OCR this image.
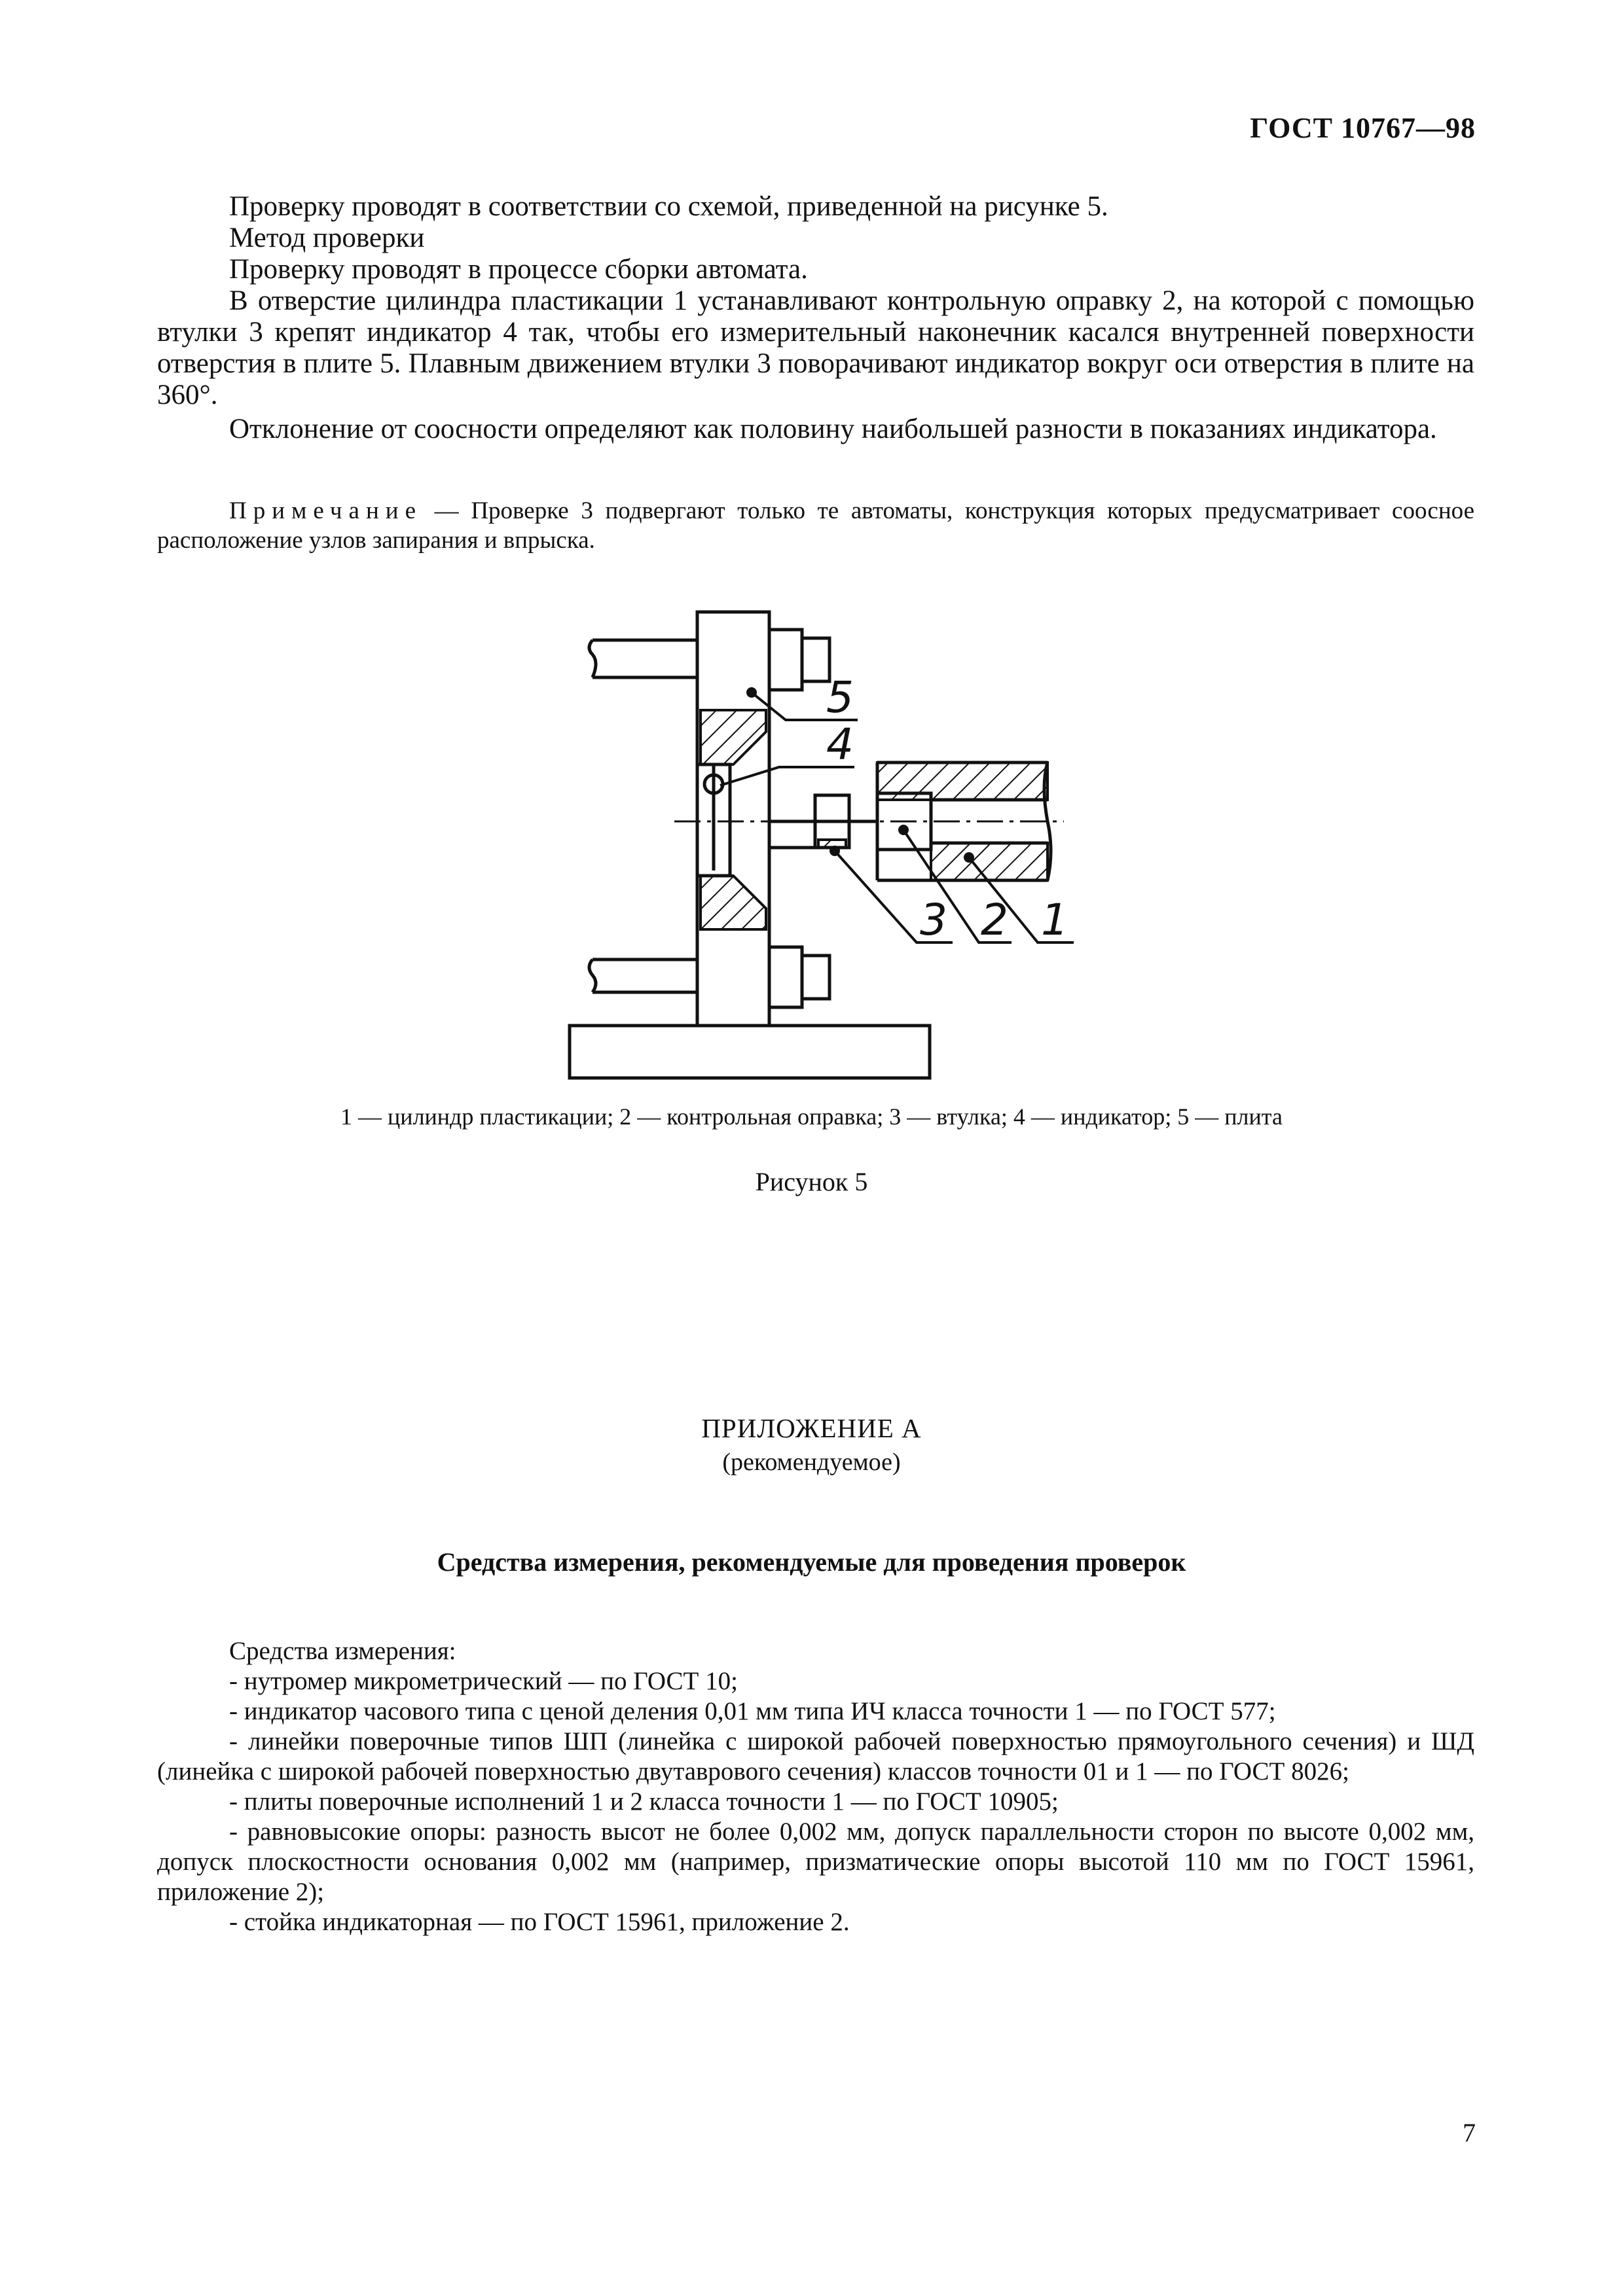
ГОСТ 10767—98

Проверку проводят в соответствии со схемой, приведенной на рисунке 5.

Метод проверки

Проверку проводят в процессе сборки автомата.

В отверстие цилиндра пластикации 1 устанавливают контрольную оправку 2, на которой с помощью втулки 3 крепят индикатор 4 так, чтобы его измерительный наконечник касался внутренней поверхности отверстия в плите 5. Плавным движением втулки 3 поворачивают индикатор вокруг оси отверстия в плите на 360°.

Отклонение от соосности определяют как половину наибольшей разности в показаниях индикатора.

Примечание — Проверке 3 подвергают только те автоматы, конструкция которых предусматривает соосное расположение узлов запирания и впрыска.
5
4
3 2 1
1 — цилиндр пластикации; 2 — контрольная оправка; 3 — втулка; 4 — индикатор; 5 — плита
Рисунок 5
ПРИЛОЖЕНИЕ А
(рекомендуемое)
Средства измерения, рекомендуемые для проведения проверок

Средства измерения:

- нутромер микрометрический — по ГОСТ 10;

- индикатор часового типа с ценой деления 0,01 мм типа ИЧ класса точности 1 — по ГОСТ 577;

- линейки поверочные типов ШП (линейка с широкой рабочей поверхностью прямоугольного сечения) и ШД (линейка с широкой рабочей поверхностью двутаврового сечения) классов точности 01 и 1 — по ГОСТ 8026;

- плиты поверочные исполнений 1 и 2 класса точности 1 — по ГОСТ 10905;

- равновысокие опоры: разность высот не более 0,002 мм, допуск параллельности сторон по высоте 0,002 мм, допуск плоскостности основания 0,002 мм (например, призматические опоры высотой 110 мм по ГОСТ 15961, приложение 2);

- стойка индикаторная — по ГОСТ 15961, приложение 2.

7
